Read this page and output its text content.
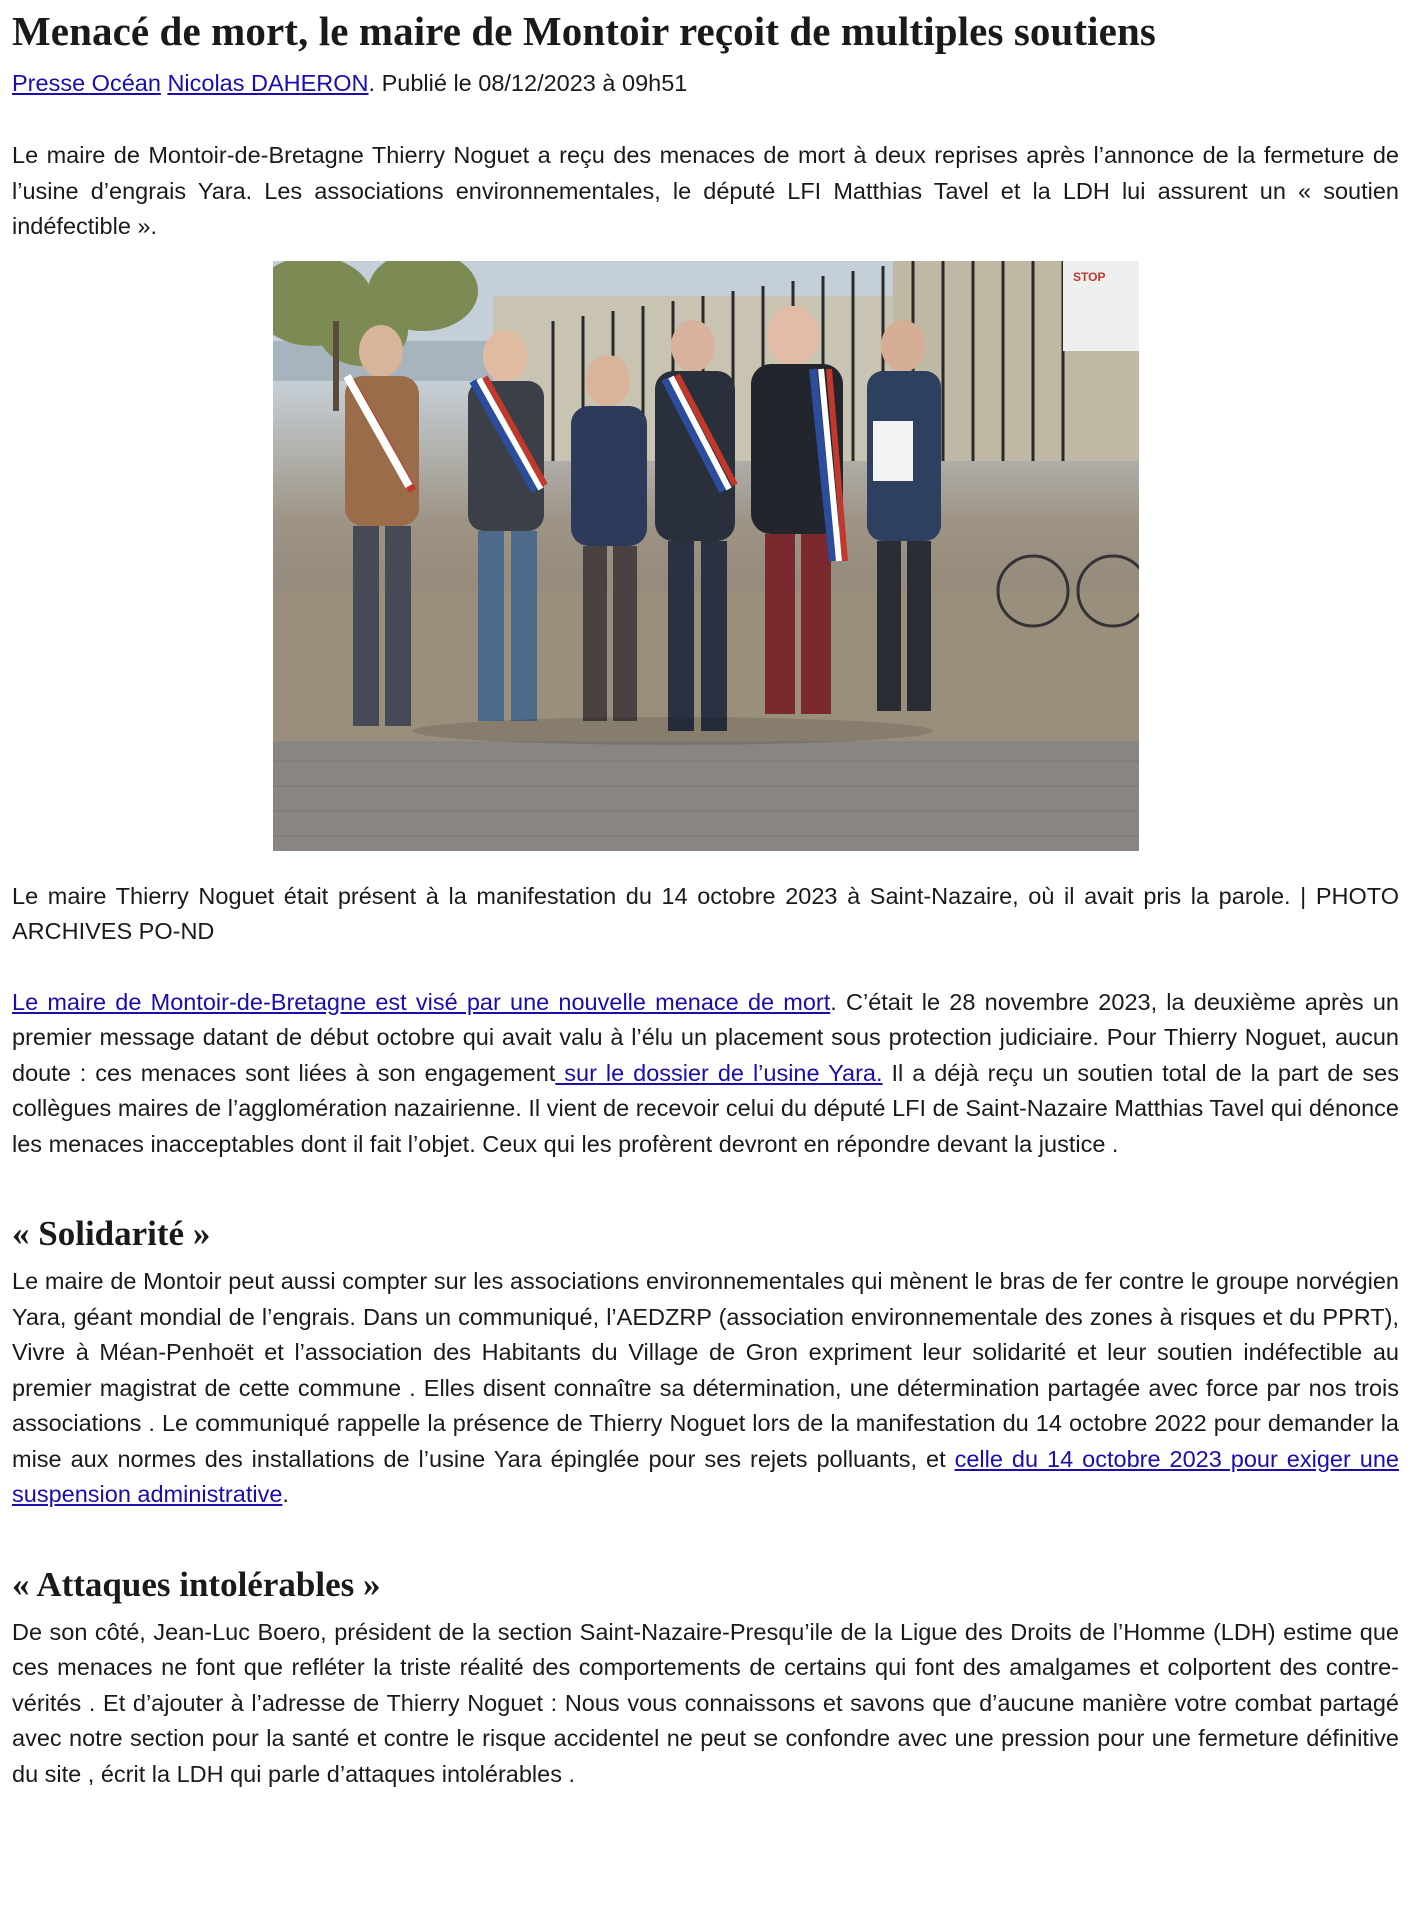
Menacé de mort, le maire de Montoir reçoit de multiples soutiens
Presse Océan Nicolas DAHERON. Publié le 08/12/2023 à 09h51

Le maire de Montoir-de-Bretagne Thierry Noguet a reçu des menaces de mort à deux reprises après l’annonce de la fermeture de l’usine d’engrais Yara. Les associations environnementales, le député LFI Matthias Tavel et la LDH lui assurent un « soutien indéfectible ».

STOP

Le maire Thierry Noguet était présent à la manifestation du 14 octobre 2023 à Saint-Nazaire, où il avait pris la parole. | PHOTO ARCHIVES PO-ND

Le maire de Montoir-de-Bretagne est visé par une nouvelle menace de mort. C’était le 28 novembre 2023, la deuxième après un premier message datant de début octobre qui avait valu à l’élu un placement sous protection judiciaire. Pour Thierry Noguet, aucun doute : ces menaces sont liées à son engagement sur le dossier de l’usine Yara. Il a déjà reçu un soutien total de la part de ses collègues maires de l’agglomération nazairienne. Il vient de recevoir celui du député LFI de Saint-Nazaire Matthias Tavel qui dénonce les menaces inacceptables dont il fait l’objet. Ceux qui les profèrent devront en répondre devant la justice .

« Solidarité »

Le maire de Montoir peut aussi compter sur les associations environnementales qui mènent le bras de fer contre le groupe norvégien Yara, géant mondial de l’engrais. Dans un communiqué, l’AEDZRP (association environnementale des zones à risques et du PPRT), Vivre à Méan-Penhoët et l’association des Habitants du Village de Gron expriment leur solidarité et leur soutien indéfectible au premier magistrat de cette commune . Elles disent connaître sa détermination, une détermination partagée avec force par nos trois associations . Le communiqué rappelle la présence de Thierry Noguet lors de la manifestation du 14 octobre 2022 pour demander la mise aux normes des installations de l’usine Yara épinglée pour ses rejets polluants, et celle du 14 octobre 2023 pour exiger une suspension administrative.

« Attaques intolérables »

De son côté, Jean-Luc Boero, président de la section Saint-Nazaire-Presqu’ile de la Ligue des Droits de l’Homme (LDH) estime que ces menaces ne font que refléter la triste réalité des comportements de certains qui font des amalgames et colportent des contre-vérités . Et d’ajouter à l’adresse de Thierry Noguet : Nous vous connaissons et savons que d’aucune manière votre combat partagé avec notre section pour la santé et contre le risque accidentel ne peut se confondre avec une pression pour une fermeture définitive du site , écrit la LDH qui parle d’attaques intolérables .
